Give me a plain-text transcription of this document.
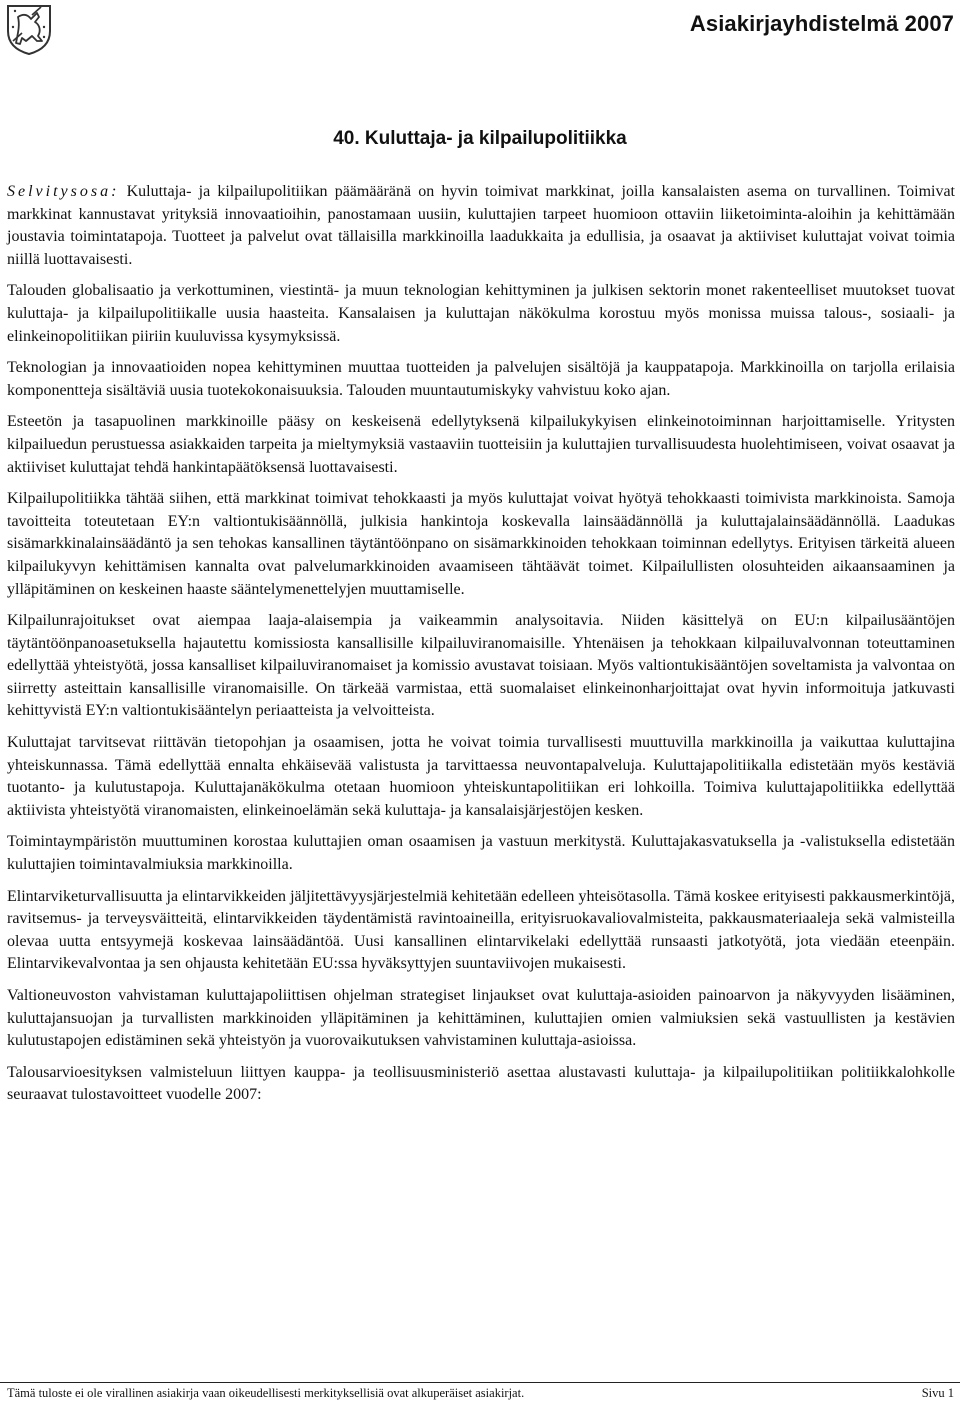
Asiakirjayhdistelmä 2007
40. Kuluttaja- ja kilpailupolitiikka

Selvitysosa: Kuluttaja- ja kilpailupolitiikan päämääränä on hyvin toimivat markkinat, joilla kansalaisten asema on turvallinen. Toimivat markkinat kannustavat yrityksiä innovaatioihin, panostamaan uusiin, kuluttajien tarpeet huomioon ottaviin liiketoiminta-aloihin ja kehittämään joustavia toimintatapoja. Tuotteet ja palvelut ovat tällaisilla markkinoilla laadukkaita ja edullisia, ja osaavat ja aktiiviset kuluttajat voivat toimia niillä luottavaisesti.

Talouden globalisaatio ja verkottuminen, viestintä- ja muun teknologian kehittyminen ja julkisen sektorin monet rakenteelliset muutokset tuovat kuluttaja- ja kilpailupolitiikalle uusia haasteita. Kansalaisen ja kuluttajan näkökulma korostuu myös monissa muissa talous-, sosiaali- ja elinkeinopolitiikan piiriin kuuluvissa kysymyksissä.

Teknologian ja innovaatioiden nopea kehittyminen muuttaa tuotteiden ja palvelujen sisältöjä ja kauppatapoja. Markkinoilla on tarjolla erilaisia komponentteja sisältäviä uusia tuotekokonaisuuksia. Talouden muuntautumiskyky vahvistuu koko ajan.

Esteetön ja tasapuolinen markkinoille pääsy on keskeisenä edellytyksenä kilpailukykyisen elinkeinotoiminnan harjoittamiselle. Yritysten kilpailuedun perustuessa asiakkaiden tarpeita ja mieltymyksiä vastaaviin tuotteisiin ja kuluttajien turvallisuudesta huolehtimiseen, voivat osaavat ja aktiiviset kuluttajat tehdä hankintapäätöksensä luottavaisesti.

Kilpailupolitiikka tähtää siihen, että markkinat toimivat tehokkaasti ja myös kuluttajat voivat hyötyä tehokkaasti toimivista markkinoista. Samoja tavoitteita toteutetaan EY:n valtiontukisäännöllä, julkisia hankintoja koskevalla lainsäädännöllä ja kuluttajalainsäädännöllä. Laadukas sisämarkkinalainsäädäntö ja sen tehokas kansallinen täytäntöönpano on sisämarkkinoiden tehokkaan toiminnan edellytys. Erityisen tärkeitä alueen kilpailukyvyn kehittämisen kannalta ovat palvelumarkkinoiden avaamiseen tähtäävät toimet. Kilpailullisten olosuhteiden aikaansaaminen ja ylläpitäminen on keskeinen haaste sääntelymenettelyjen muuttamiselle.

Kilpailunrajoitukset ovat aiempaa laaja-alaisempia ja vaikeammin analysoitavia. Niiden käsittelyä on EU:n kilpailusääntöjen täytäntöönpanoasetuksella hajautettu komissiosta kansallisille kilpailuviranomaisille. Yhtenäisen ja tehokkaan kilpailuvalvonnan toteuttaminen edellyttää yhteistyötä, jossa kansalliset kilpailuviranomaiset ja komissio avustavat toisiaan. Myös valtiontukisääntöjen soveltamista ja valvontaa on siirretty asteittain kansallisille viranomaisille. On tärkeää varmistaa, että suomalaiset elinkeinonharjoittajat ovat hyvin informoituja jatkuvasti kehittyvistä EY:n valtiontukisääntelyn periaatteista ja velvoitteista.

Kuluttajat tarvitsevat riittävän tietopohjan ja osaamisen, jotta he voivat toimia turvallisesti muuttuvilla markkinoilla ja vaikuttaa kuluttajina yhteiskunnassa. Tämä edellyttää ennalta ehkäisevää valistusta ja tarvittaessa neuvontapalveluja. Kuluttajapolitiikalla edistetään myös kestäviä tuotanto- ja kulutustapoja. Kuluttajanäkökulma otetaan huomioon yhteiskuntapolitiikan eri lohkoilla. Toimiva kuluttajapolitiikka edellyttää aktiivista yhteistyötä viranomaisten, elinkeinoelämän sekä kuluttaja- ja kansalaisjärjestöjen kesken.

Toimintaympäristön muuttuminen korostaa kuluttajien oman osaamisen ja vastuun merkitystä. Kuluttajakasvatuksella ja -valistuksella edistetään kuluttajien toimintavalmiuksia markkinoilla.

Elintarviketurvallisuutta ja elintarvikkeiden jäljitettävyysjärjestelmiä kehitetään edelleen yhteisötasolla. Tämä koskee erityisesti pakkausmerkintöjä, ravitsemus- ja terveysväitteitä, elintarvikkeiden täydentämistä ravintoaineilla, erityisruokavaliovalmisteita, pakkausmateriaaleja sekä valmisteilla olevaa uutta entsyymejä koskevaa lainsäädäntöä. Uusi kansallinen elintarvikelaki edellyttää runsaasti jatkotyötä, jota viedään eteenpäin. Elintarvikevalvontaa ja sen ohjausta kehitetään EU:ssa hyväksyttyjen suuntaviivojen mukaisesti.

Valtioneuvoston vahvistaman kuluttajapoliittisen ohjelman strategiset linjaukset ovat kuluttaja-asioiden painoarvon ja näkyvyyden lisääminen, kuluttajansuojan ja turvallisten markkinoiden ylläpitäminen ja kehittäminen, kuluttajien omien valmiuksien sekä vastuullisten ja kestävien kulutustapojen edistäminen sekä yhteistyön ja vuorovaikutuksen vahvistaminen kuluttaja-asioissa.

Talousarvioesityksen valmisteluun liittyen kauppa- ja teollisuusministeriö asettaa alustavasti kuluttaja- ja kilpailupolitiikan politiikkalohkolle seuraavat tulostavoitteet vuodelle 2007:

Tämä tuloste ei ole virallinen asiakirja vaan oikeudellisesti merkityksellisiä ovat alkuperäiset asiakirjat.	Sivu 1
